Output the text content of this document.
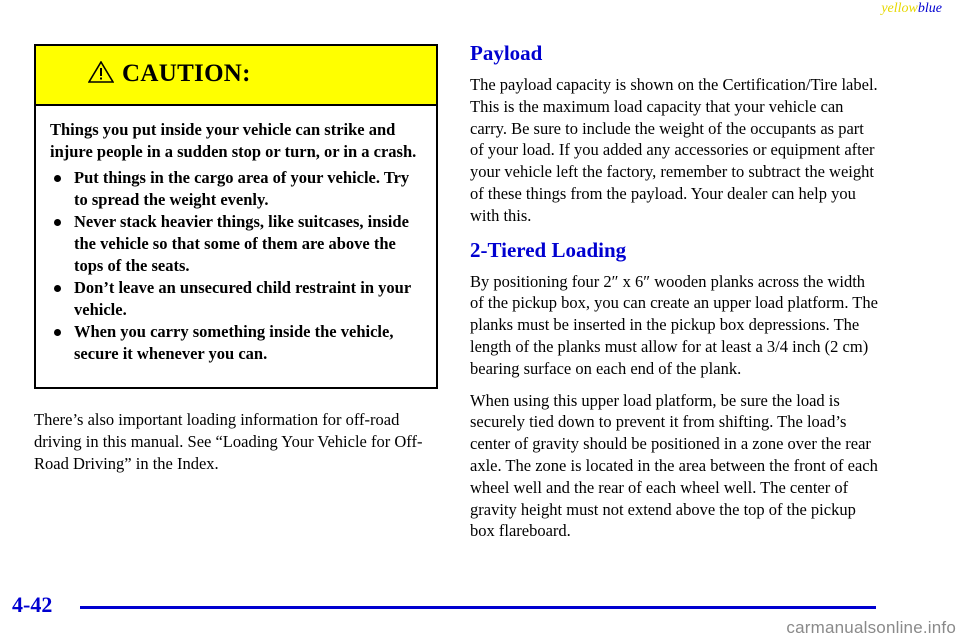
yellowblue
CAUTION:

Things you put inside your vehicle can strike and injure people in a sudden stop or turn, or in a crash.

Put things in the cargo area of your vehicle. Try to spread the weight evenly.
Never stack heavier things, like suitcases, inside the vehicle so that some of them are above the tops of the seats.
Don’t leave an unsecured child restraint in your vehicle.
When you carry something inside the vehicle, secure it whenever you can.

There’s also important loading information for off-road driving in this manual. See “Loading Your Vehicle for Off-Road Driving” in the Index.

Payload

The payload capacity is shown on the Certification/Tire label. This is the maximum load capacity that your vehicle can carry. Be sure to include the weight of the occupants as part of your load. If you added any accessories or equipment after your vehicle left the factory, remember to subtract the weight of these things from the payload. Your dealer can help you with this.

2-Tiered Loading

By positioning four 2″ x 6″ wooden planks across the width of the pickup box, you can create an upper load platform. The planks must be inserted in the pickup box depressions. The length of the planks must allow for at least a 3/4 inch (2 cm) bearing surface on each end of the plank.

When using this upper load platform, be sure the load is securely tied down to prevent it from shifting. The load’s center of gravity should be positioned in a zone over the rear axle. The zone is located in the area between the front of each wheel well and the rear of each wheel well. The center of gravity height must not extend above the top of the pickup box flareboard.

4-42
carmanualsonline.info
